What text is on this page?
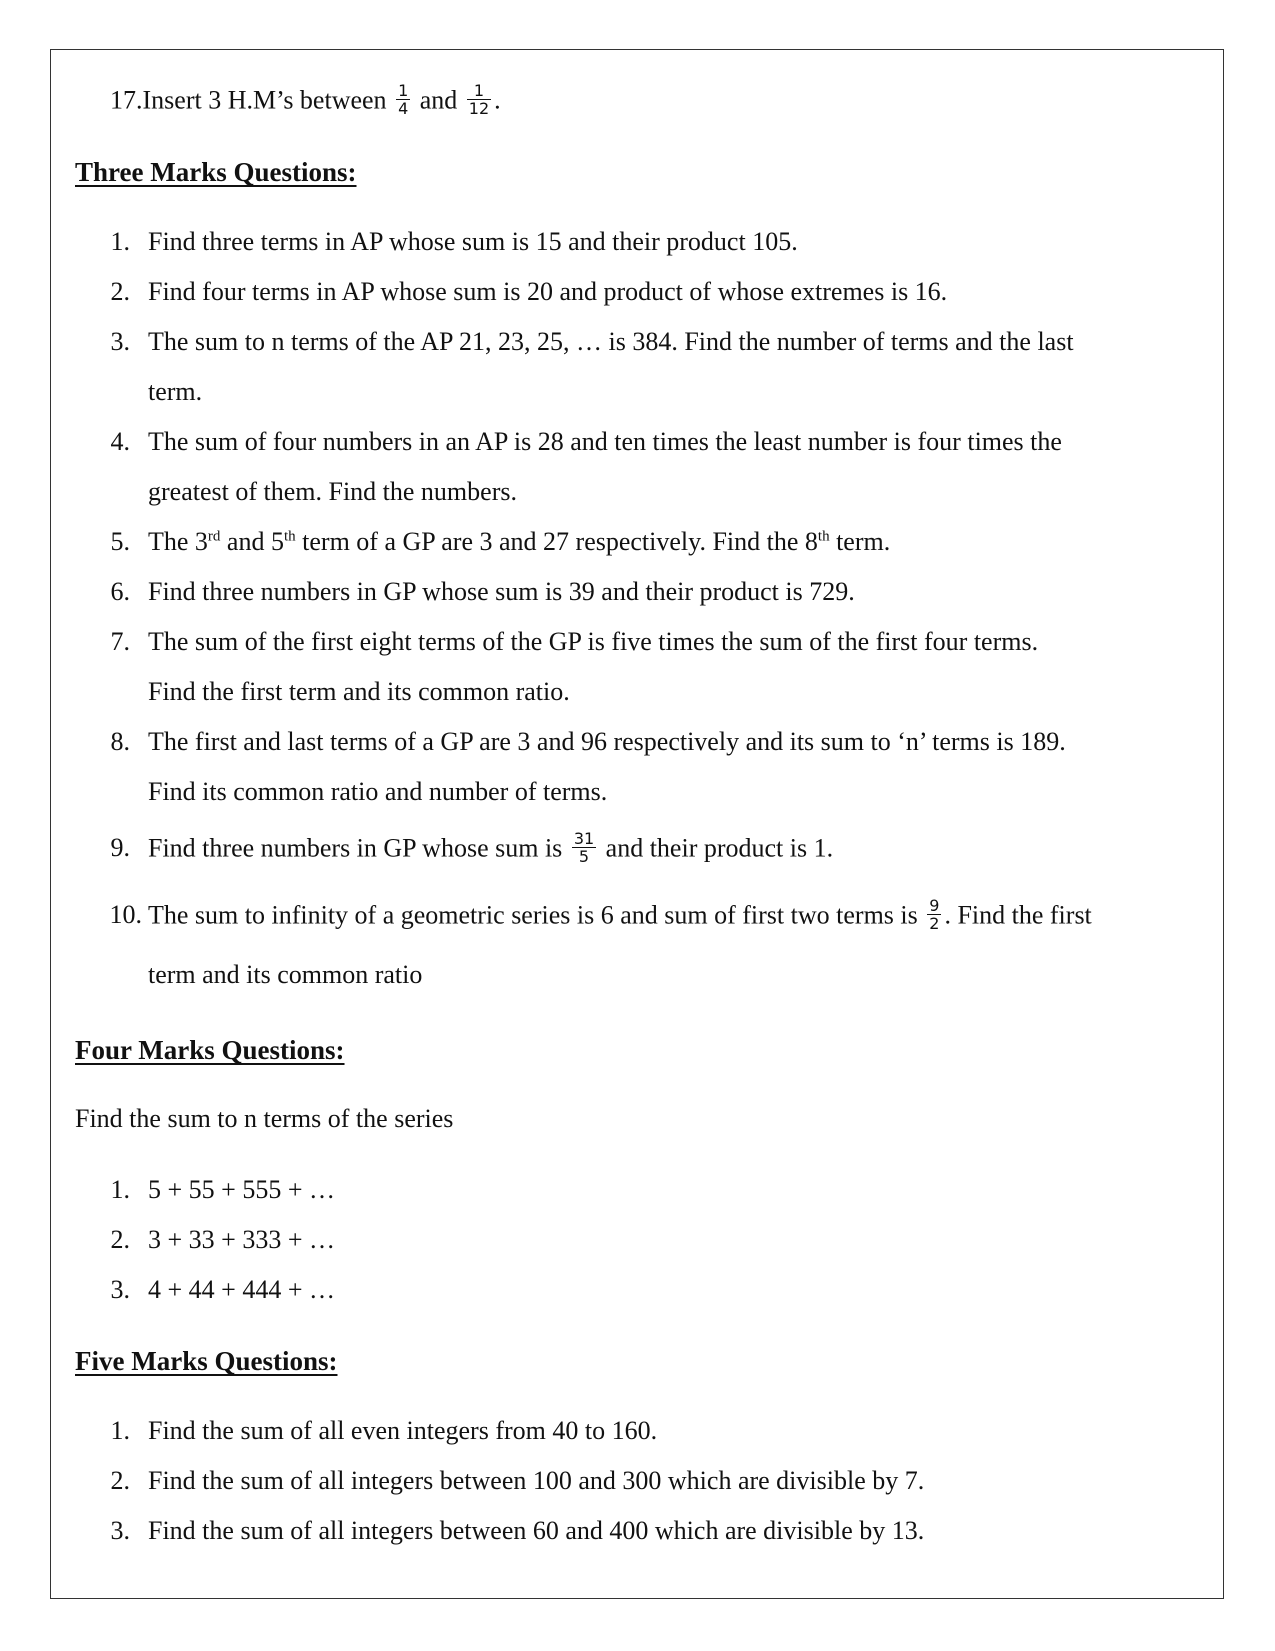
17.Insert 3 H.M’s between $\frac{1}{4}$ and $\frac{1}{12}$ .
Three Marks Questions:
1. Find three terms in AP whose sum is 15 and their product 105.
2. Find four terms in AP whose sum is 20 and product of whose extremes is 16.
3. The sum to n terms of the AP 21, 23, 25, … is 384. Find the number of terms and the last
term.
4. The sum of four numbers in an AP is 28 and ten times the least number is four times the
greatest of them. Find the numbers.
5. The 3rd and 5th term of a GP are 3 and 27 respectively. Find the 8th term.
6. Find three numbers in GP whose sum is 39 and their product is 729.
7. The sum of the first eight terms of the GP is five times the sum of the first four terms.
Find the first term and its common ratio.
8. The first and last terms of a GP are 3 and 96 respectively and its sum to ‘n’ terms is 189.
Find its common ratio and number of terms.
9. Find three numbers in GP whose sum is $\frac{31}{5}$ and their product is 1.
10. The sum to infinity of a geometric series is 6 and sum of first two terms is $\frac{9}{2}$ . Find the first
term and its common ratio
Four Marks Questions:
Find the sum to n terms of the series
1. 5 + 55 + 555 + …
2. 3 + 33 + 333 + …
3. 4 + 44 + 444 + …
Five Marks Questions:
1. Find the sum of all even integers from 40 to 160.
2. Find the sum of all integers between 100 and 300 which are divisible by 7.
3. Find the sum of all integers between 60 and 400 which are divisible by 13.
